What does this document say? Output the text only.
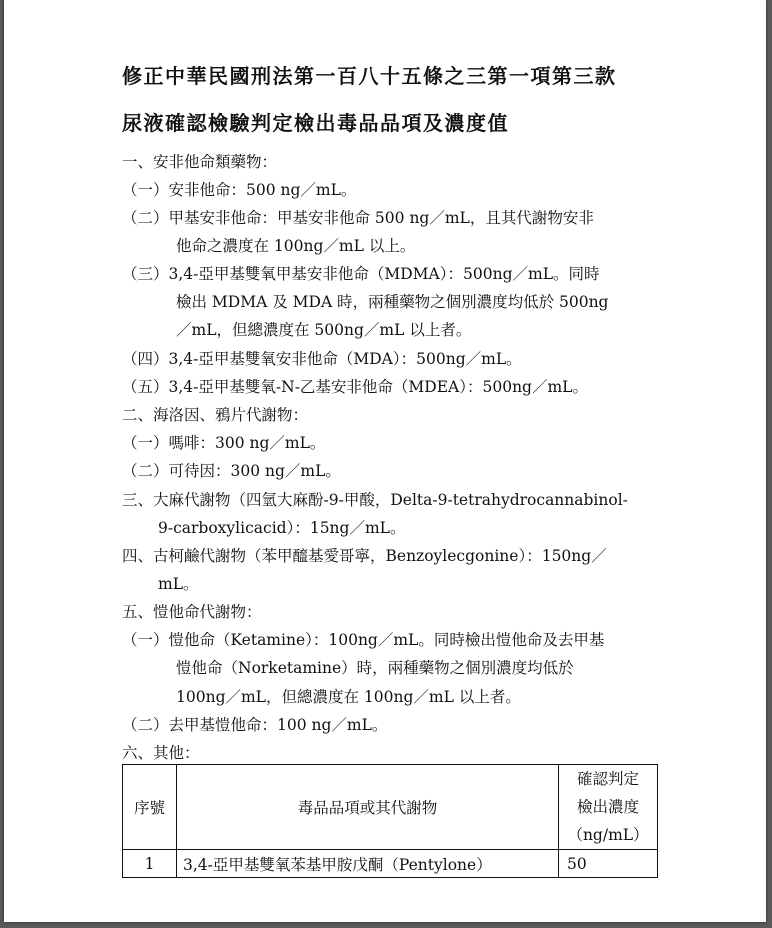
修正中華民國刑法第一百八十五條之三第一項第三款
尿液確認檢驗判定檢出毒品品項及濃度值
一、安非他命類藥物：
（一）安非他命：500 ng／mL。
（二）甲基安非他命：甲基安非他命 500 ng／mL，且其代謝物安非
他命之濃度在 100ng／mL 以上。
（三）3,4-亞甲基雙氧甲基安非他命（MDMA）：500ng／mL。同時
檢出 MDMA 及 MDA 時，兩種藥物之個別濃度均低於 500ng
／mL，但總濃度在 500ng／mL 以上者。
（四）3,4-亞甲基雙氧安非他命（MDA）：500ng／mL。
（五）3,4-亞甲基雙氧-N-乙基安非他命（MDEA）：500ng／mL。
二、海洛因、鴉片代謝物：
（一）嗎啡：300 ng／mL。
（二）可待因：300 ng／mL。
三、大麻代謝物（四氫大麻酚-9-甲酸，Delta-9-tetrahydrocannabinol-
9-carboxylicacid）：15ng／mL。
四、古柯鹼代謝物（苯甲醯基愛哥寧，Benzoylecgonine）：150ng／
mL。
五、愷他命代謝物：
（一）愷他命（Ketamine）：100ng／mL。同時檢出愷他命及去甲基
愷他命（Norketamine）時，兩種藥物之個別濃度均低於
100ng／mL，但總濃度在 100ng／mL 以上者。
（二）去甲基愷他命：100 ng／mL。
六、其他：
序號	毒品品項或其代謝物	確認判定
檢出濃度
（ng/mL）

1	3,4-亞甲基雙氧苯基甲胺戊酮（Pentylone）	50
